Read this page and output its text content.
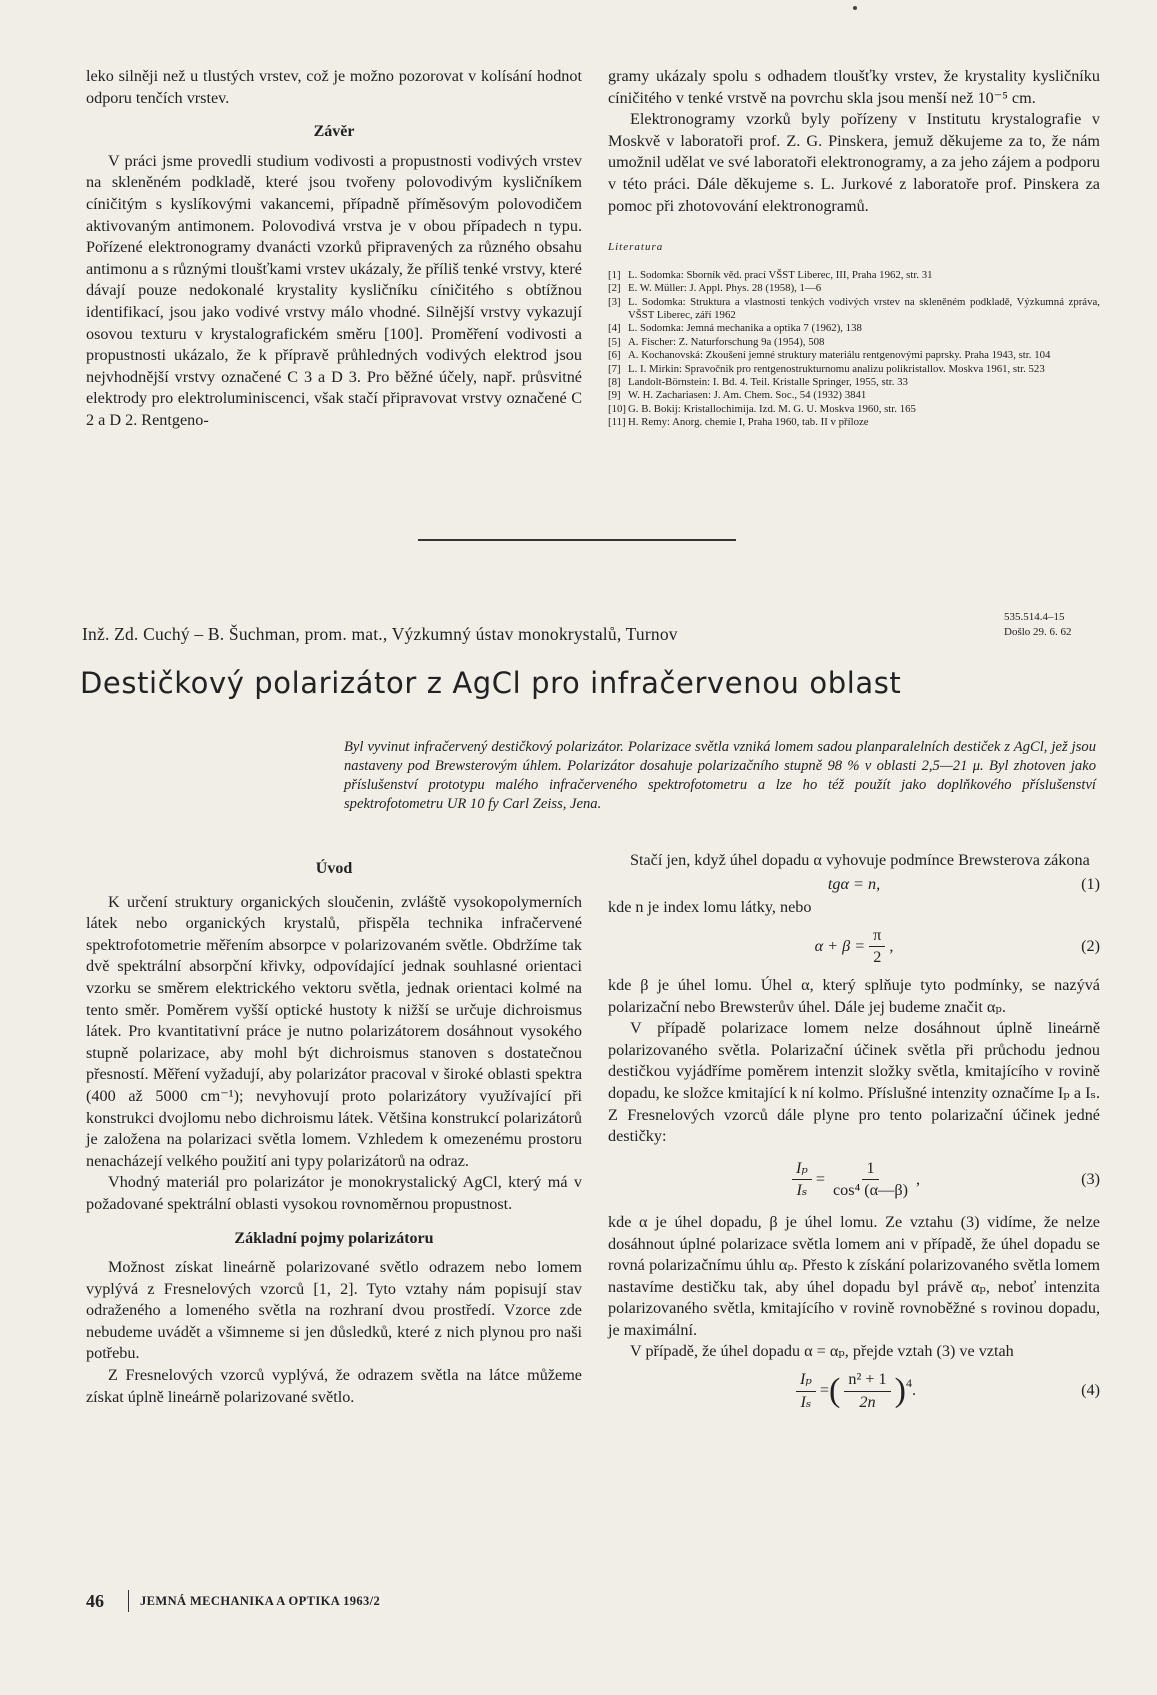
leko silněji než u tlustých vrstev, což je možno pozorovat v kolísání hodnot odporu tenčích vrstev.

Závěr

V práci jsme provedli studium vodivosti a propustnosti vodivých vrstev na skleněném podkladě, které jsou tvořeny polovodivým kysličníkem cíničitým s kyslíkovými vakancemi, případně příměsovým polovodičem aktivovaným antimonem. Polovodivá vrstva je v obou případech n typu. Pořízené elektronogramy dvanácti vzorků připravených za různého obsahu antimonu a s různými tloušťkami vrstev ukázaly, že příliš tenké vrstvy, které dávají pouze nedokonalé krystality kysličníku cíničitého s obtížnou identifikací, jsou jako vodivé vrstvy málo vhodné. Silnější vrstvy vykazují osovou texturu v krystalografickém směru [100]. Proměření vodivosti a propustnosti ukázalo, že k přípravě průhledných vodivých elektrod jsou nejvhodnější vrstvy označené C 3 a D 3. Pro běžné účely, např. průsvitné elektrody pro elektroluminiscenci, však stačí připravovat vrstvy označené C 2 a D 2. Rentgeno-

gramy ukázaly spolu s odhadem tloušťky vrstev, že krystality kysličníku cíničitého v tenké vrstvě na povrchu skla jsou menší než 10⁻⁵ cm.

Elektronogramy vzorků byly pořízeny v Institutu krystalografie v Moskvě v laboratoři prof. Z. G. Pinskera, jemuž děkujeme za to, že nám umožnil udělat ve své laboratoři elektronogramy, a za jeho zájem a podporu v této práci. Dále děkujeme s. L. Jurkové z laboratoře prof. Pinskera za pomoc při zhotovování elektronogramů.

Literatura
[1] L. Sodomka: Sborník věd. prací VŠST Liberec, III, Praha 1962, str. 31
[2] E. W. Müller: J. Appl. Phys. 28 (1958), 1—6
[3] L. Sodomka: Struktura a vlastnosti tenkých vodivých vrstev na skleněném podkladě, Výzkumná zpráva, VŠST Liberec, září 1962
[4] L. Sodomka: Jemná mechanika a optika 7 (1962), 138
[5] A. Fischer: Z. Naturforschung 9a (1954), 508
[6] A. Kochanovská: Zkoušení jemné struktury materiálu rentgenovými paprsky. Praha 1943, str. 104
[7] L. I. Mirkin: Spravočnik pro rentgenostrukturnomu analizu polikristallov. Moskva 1961, str. 523
[8] Landolt-Börnstein: I. Bd. 4. Teil. Kristalle Springer, 1955, str. 33
[9] W. H. Zachariasen: J. Am. Chem. Soc., 54 (1932) 3841
[10] G. B. Bokij: Kristallochimija. Izd. M. G. U. Moskva 1960, str. 165
[11] H. Remy: Anorg. chemie I, Praha 1960, tab. II v příloze
Inž. Zd. Cuchý – B. Šuchman, prom. mat., Výzkumný ústav monokrystalů, Turnov
535.514.4–15
Došlo 29. 6. 62
Destičkový polarizátor z AgCl pro infračervenou oblast
Byl vyvinut infračervený destičkový polarizátor. Polarizace světla vzniká lomem sadou planparalelních destiček z AgCl, jež jsou nastaveny pod Brewsterovým úhlem. Polarizátor dosahuje polarizačního stupně 98 % v oblasti 2,5—21 μ. Byl zhotoven jako příslušenství prototypu malého infračerveného spektrofotometru a lze ho též použít jako doplňkového příslušenství spektrofotometru UR 10 fy Carl Zeiss, Jena.
Úvod

K určení struktury organických sloučenin, zvláště vysokopolymerních látek nebo organických krystalů, přispěla technika infračervené spektrofotometrie měřením absorpce v polarizovaném světle. Obdržíme tak dvě spektrální absorpční křivky, odpovídající jednak souhlasné orientaci vzorku se směrem elektrického vektoru světla, jednak orientaci kolmé na tento směr. Poměrem vyšší optické hustoty k nižší se určuje dichroismus látek. Pro kvantitativní práce je nutno polarizátorem dosáhnout vysokého stupně polarizace, aby mohl být dichroismus stanoven s dostatečnou přesností. Měření vyžadují, aby polarizátor pracoval v široké oblasti spektra (400 až 5000 cm⁻¹); nevyhovují proto polarizátory využívající při konstrukci dvojlomu nebo dichroismu látek. Většina konstrukcí polarizátorů je založena na polarizaci světla lomem. Vzhledem k omezenému prostoru nenacházejí velkého použití ani typy polarizátorů na odraz.

Vhodný materiál pro polarizátor je monokrystalický AgCl, který má v požadované spektrální oblasti vysokou rovnoměrnou propustnost.

Základní pojmy polarizátoru

Možnost získat lineárně polarizované světlo odrazem nebo lomem vyplývá z Fresnelových vzorců [1, 2]. Tyto vztahy nám popisují stav odraženého a lomeného světla na rozhraní dvou prostředí. Vzorce zde nebudeme uvádět a všimneme si jen důsledků, které z nich plynou pro naši potřebu.

Z Fresnelových vzorců vyplývá, že odrazem světla na látce můžeme získat úplně lineárně polarizované světlo.

Stačí jen, když úhel dopadu α vyhovuje podmínce Brewsterova zákona

tgα = n,	(1)

kde n je index lomu látky, nebo

$\alpha + \beta = \frac{\pi}{2}$ ,	(2)

kde β je úhel lomu. Úhel α, který splňuje tyto podmínky, se nazývá polarizační nebo Brewsterův úhel. Dále jej budeme značit αₚ.

V případě polarizace lomem nelze dosáhnout úplně lineárně polarizovaného světla. Polarizační účinek světla při průchodu jednou destičkou vyjádříme poměrem intenzit složky světla, kmitajícího v rovině dopadu, ke složce kmitající k ní kolmo. Příslušné intenzity označíme Iₚ a Iₛ. Z Fresnelových vzorců dále plyne pro tento polarizační účinek jedné destičky:

$\frac{\text{Iₚ}}{\text{Iₛ}} = \frac{1}{\text{cos⁴ (α—β)}}$ ,	(3)

kde α je úhel dopadu, β je úhel lomu. Ze vztahu (3) vidíme, že nelze dosáhnout úplné polarizace světla lomem ani v případě, že úhel dopadu se rovná polarizačnímu úhlu αₚ. Přesto k získání polarizovaného světla lomem nastavíme destičku tak, aby úhel dopadu byl právě αₚ, neboť intenzita polarizovaného světla, kmitajícího v rovině rovnoběžné s rovinou dopadu, je maximální.

V případě, že úhel dopadu α = αₚ, přejde vztah (3) ve vztah

$\frac{\text{Iₚ}}{\text{Iₛ}}$ = ( $\frac{\text{n² + 1}}{2n} )^4$ .	(4)
46	JEMNÁ MECHANIKA A OPTIKA 1963/2
